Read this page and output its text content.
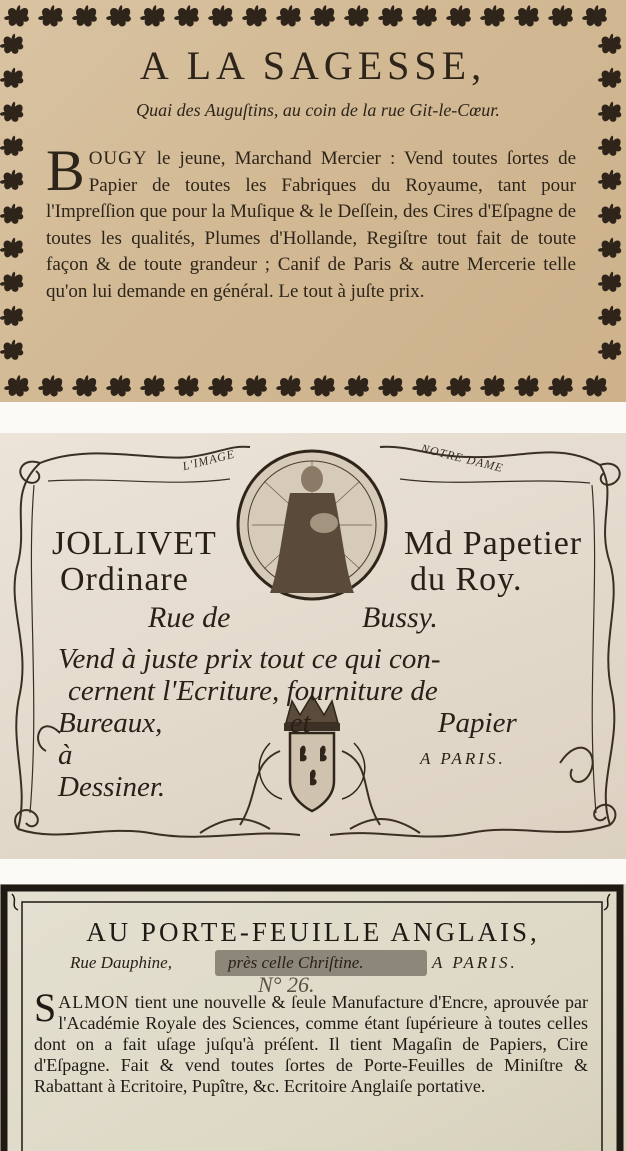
A LA SAGESSE,
Quai des Auguſtins, au coin de la rue Git-le-Cœur.
BOUGY le jeune, Marchand Mercier : Vend toutes ſortes de Papier de toutes les Fabriques du Royaume, tant pour l'Impreſſion que pour la Muſique & le Deſſein, des Cires d'Eſpagne de toutes les qualités, Plumes d'Hollande, Regiſtre tout fait de toute façon & de toute grandeur ; Canif de Paris & autre Mercerie telle qu'on lui demande en général. Le tout à juſte prix.
L'IMAGE	NOTRE DAME
JOLLIVET	Md Papetier
Ordinare	du Roy.
Rue de	Bussy.
Vend à juste prix tout ce qui con-
cernent l'Ecriture, fourniture de
Bureaux, et Papier à
Dessiner.
A PARIS.
AU PORTE-FEUILLE ANGLAIS,
Rue Dauphine,	près celle Chriſtine.	A PARIS.
N° 26.
SALMON tient une nouvelle & ſeule Manufacture d'Encre, aprouvée par l'Académie Royale des Sciences, comme étant ſupérieure à toutes celles dont on a fait uſage juſqu'à préſent. Il tient Magaſin de Papiers, Cire d'Eſpagne. Fait & vend toutes ſortes de Porte-Feuilles de Miniſtre & Rabattant à Ecritoire, Pupître, &c. Ecritoire Anglaiſe portative.
